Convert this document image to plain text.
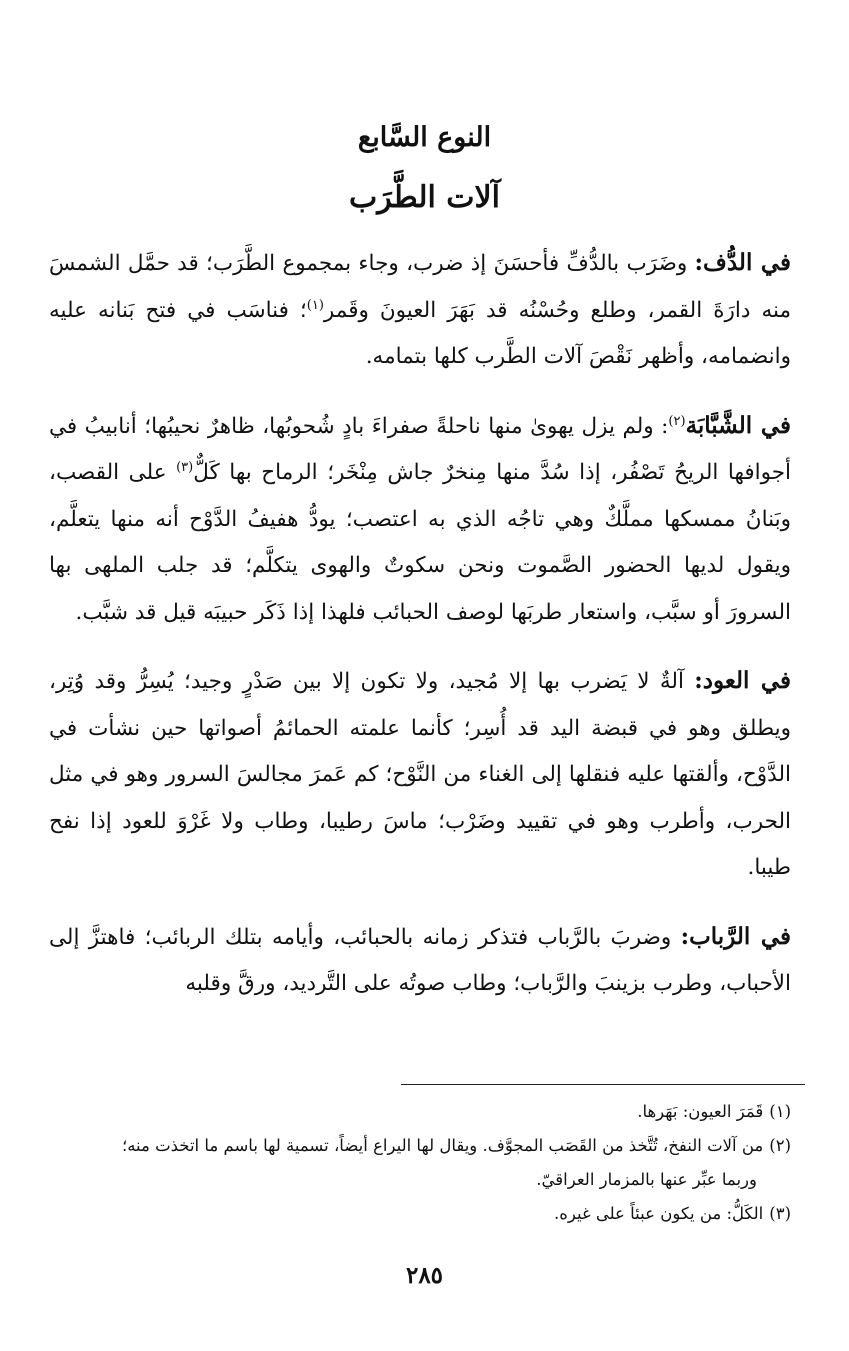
النوع السَّابع
آلات الطَّرَب

في الدُّف: وضَرَب بالدُّفِّ فأحسَنَ إذ ضرب، وجاء بمجموع الطَّرَب؛ قد حمَّل الشمسَ منه دارَةَ القمر، وطلع وحُسْنُه قد بَهَرَ العيونَ وقَمر$^{(١)}$؛ فناسَب في فتح بَنانه عليه وانضمامه، وأظهر نَقْصَ آلات الطَّرب كلها بتمامه.

في الشَّبَّابَة$^{(٢)}$: ولم يزل يهوىٰ منها ناحلةً صفراءَ بادٍ شُحوبُها، ظاهرٌ نحيبُها؛ أنابيبُ في أجوافها الريحُ تَصْفُر، إذا سُدَّ منها مِنخرٌ جاش مِنْخَر؛ الرماح بها كَلٌّ$^{(٣)}$ على القصب، وبَنانُ ممسكها مملَّكٌ وهي تاجُه الذي به اعتصب؛ يودُّ هفيفُ الدَّوْح أنه منها يتعلَّم، ويقول لديها الحضور الصَّموت ونحن سكوتٌ والهوى يتكلَّم؛ قد جلب الملهى بها السرورَ أو سبَّب، واستعار طربَها لوصف الحبائب فلهذا إذا ذَكَر حبيبَه قيل قد شبَّب.

في العود: آلةٌ لا يَضرب بها إلا مُجيد، ولا تكون إلا بين صَدْرٍ وجيد؛ يُسِرُّ وقد وُتِر، ويطلق وهو في قبضة اليد قد أُسِر؛ كأنما علمته الحمائمُ أصواتها حين نشأت في الدَّوْح، وألقتها عليه فنقلها إلى الغناء من النَّوْح؛ كم عَمرَ مجالسَ السرور وهو في مثل الحرب، وأطرب وهو في تقييد وضَرْب؛ ماسَ رطيبا، وطاب ولا غَرْوَ للعود إذا نفح طيبا.

في الرَّباب: وضربَ بالرَّباب فتذكر زمانه بالحبائب، وأيامه بتلك الربائب؛ فاهتزَّ إلى الأحباب، وطرب بزينبَ والرَّباب؛ وطاب صوتُه على التَّرديد، ورقَّ وقلبه

(١)قَمَرَ العيون: بَهَرها.

(٢)من آلات النفخ، تُتَّخذ من القَصَب المجوَّف. ويقال لها اليراع أيضاً، تسمية لها باسم ما اتخذت منه؛

وربما عبِّر عنها بالمزمار العراقيّ.

(٣)الكَلُّ: من يكون عبئاً على غيره.

٢٨٥
